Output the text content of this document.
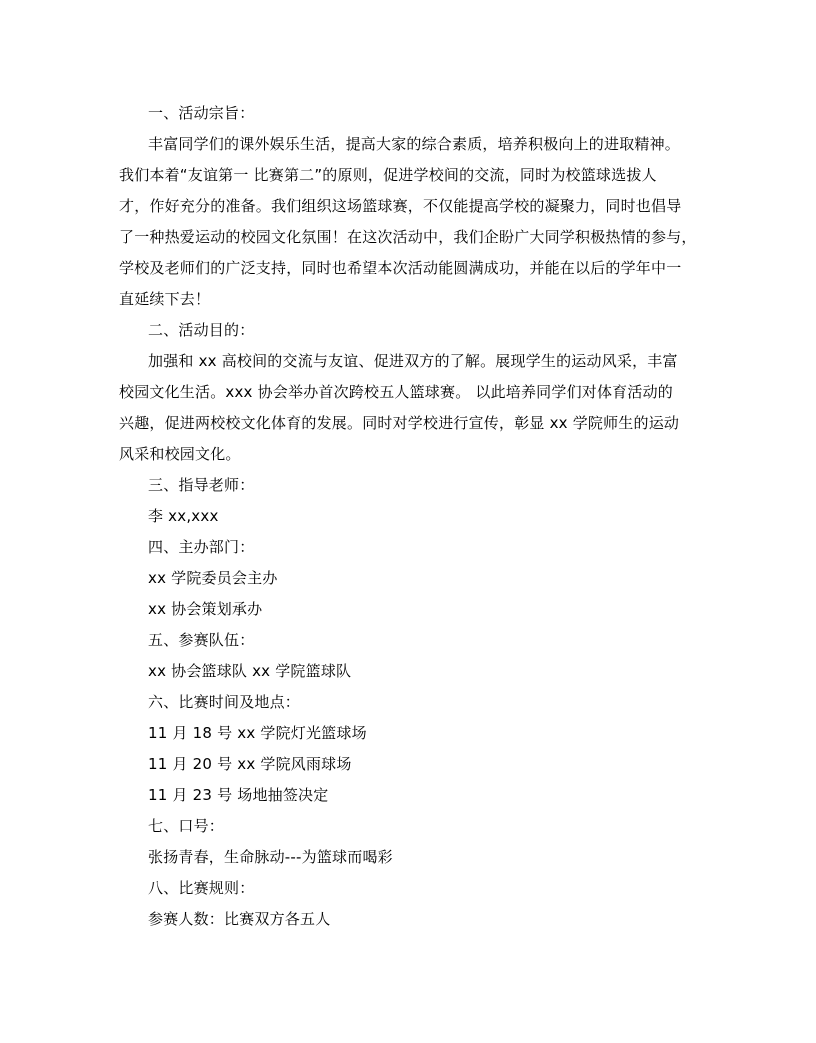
一、活动宗旨：
丰富同学们的课外娱乐生活，提高大家的综合素质，培养积极向上的进取精神。
我们本着“友谊第一 比赛第二”的原则，促进学校间的交流，同时为校篮球选拔人
才，作好充分的准备。我们组织这场篮球赛，不仅能提高学校的凝聚力，同时也倡导
了一种热爱运动的校园文化氛围！在这次活动中，我们企盼广大同学积极热情的参与，
学校及老师们的广泛支持，同时也希望本次活动能圆满成功，并能在以后的学年中一
直延续下去！
二、活动目的：
加强和 xx 高校间的交流与友谊、促进双方的了解。展现学生的运动风采，丰富
校园文化生活。xxx 协会举办首次跨校五人篮球赛。 以此培养同学们对体育活动的
兴趣，促进两校校文化体育的发展。同时对学校进行宣传，彰显 xx 学院师生的运动
风采和校园文化。
三、指导老师：
李 xx,xxx
四、主办部门：
xx 学院委员会主办
xx 协会策划承办
五、参赛队伍：
xx 协会篮球队 xx 学院篮球队
六、比赛时间及地点：
11 月 18 号 xx 学院灯光篮球场
11 月 20 号 xx 学院风雨球场
11 月 23 号 场地抽签决定
七、口号：
张扬青春，生命脉动---为篮球而喝彩
八、比赛规则：
参赛人数：比赛双方各五人
